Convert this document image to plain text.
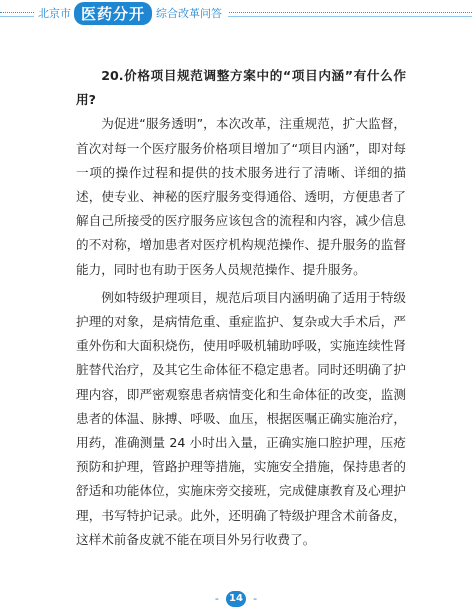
北京市 医药分开	综合改革问答

20.价格项目规范调整方案中的“项目内涵”有什么作用?

为促进“服务透明”，本次改革，注重规范，扩大监督，首次对每一个医疗服务价格项目增加了“项目内涵”，即对每一项的操作过程和提供的技术服务进行了清晰、详细的描述，使专业、神秘的医疗服务变得通俗、透明，方便患者了解自己所接受的医疗服务应该包含的流程和内容，减少信息的不对称，增加患者对医疗机构规范操作、提升服务的监督能力，同时也有助于医务人员规范操作、提升服务。

例如特级护理项目，规范后项目内涵明确了适用于特级护理的对象，是病情危重、重症监护、复杂或大手术后，严重外伤和大面积烧伤，使用呼吸机辅助呼吸，实施连续性肾脏替代治疗，及其它生命体征不稳定患者。同时还明确了护理内容，即严密观察患者病情变化和生命体征的改变，监测患者的体温、脉搏、呼吸、血压，根据医嘱正确实施治疗，用药，准确测量 24 小时出入量，正确实施口腔护理，压疮预防和护理，管路护理等措施，实施安全措施，保持患者的舒适和功能体位，实施床旁交接班，完成健康教育及心理护理，书写特护记录。此外，还明确了特级护理含术前备皮，这样术前备皮就不能在项目外另行收费了。

- 14 -
